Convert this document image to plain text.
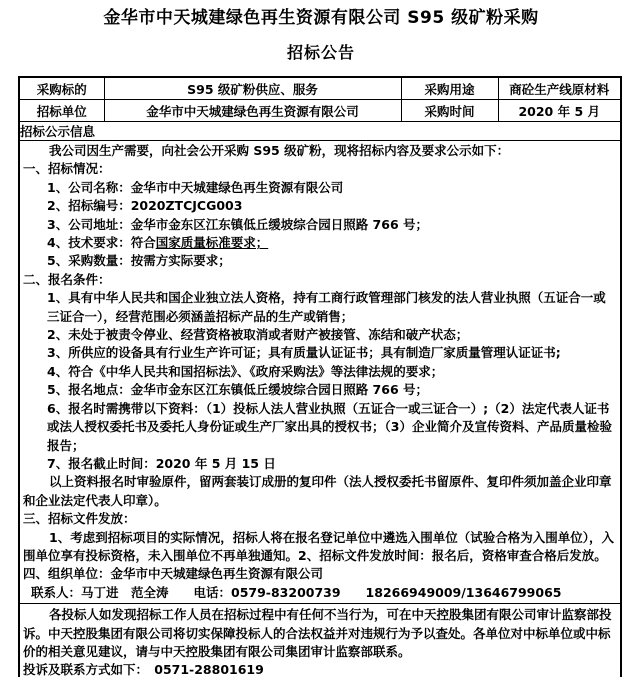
金华市中天城建绿色再生资源有限公司 S95 级矿粉采购
招标公告
采购标的	S95 级矿粉供应、服务	采购用途	商砼生产线原材料
招标单位	金华市中天城建绿色再生资源有限公司	采购时间	2020 年 5 月
招标公示信息			

我公司因生产需要，向社会公开采购 S95 级矿粉，现将招标内容及要求公示如下：
一、招标情况：
1、公司名称：金华市中天城建绿色再生资源有限公司
2、招标编号：2020ZTCJCG003
3、公司地址：金华市金东区江东镇低丘缓坡综合园日照路 766 号；
4、技术要求：符合国家质量标准要求；
5、采购数量：按需方实际要求；
二、报名条件：
1、具有中华人民共和国企业独立法人资格，持有工商行政管理部门核发的法人营业执照（五证合一或三证合一），经营范围必须涵盖招标产品的生产或销售；
2、未处于被责令停业、经营资格被取消或者财产被接管、冻结和破产状态；
3、所供应的设备具有行业生产许可证；具有质量认证证书；具有制造厂家质量管理认证证书;
4、符合《中华人民共和国招标法》、《政府采购法》等法律法规的要求；
5、报名地点：金华市金东区江东镇低丘缓坡综合园日照路 766 号；
6、报名时需携带以下资料：（1）投标人法人营业执照（五证合一或三证合一）;（2）法定代表人证书或法人授权委托书及委托人身份证或生产厂家出具的授权书；（3）企业简介及宣传资料、产品质量检验报告；
7、报名截止时间：2020 年 5 月 15 日
以上资料报名时审验原件，留两套装订成册的复印件（法人授权委托书留原件、复印件须加盖企业印章和企业法定代表人印章）。
三、招标文件发放：
1、考虑到招标项目的实际情况，招标人将在报名登记单位中遴选入围单位（试验合格为入围单位），入围单位享有投标资格，未入围单位不再单独通知。2、招标文件发放时间：报名后，资格审查合格后发放。
四、组织单位：金华市中天城建绿色再生资源有限公司
联系人：马丁进　范全涛　　电话：0579-83200739　　18266949009/13646799065

各投标人如发现招标工作人员在招标过程中有任何不当行为，可在中天控股集团有限公司审计监察部投诉。中天控股集团有限公司将切实保障投标人的合法权益并对违规行为予以查处。各单位对中标单位或中标价的相关意见建议，请与中天控股集团有限公司集团审计监察部联系。
投诉及联系方式如下：　0571-28801619			
